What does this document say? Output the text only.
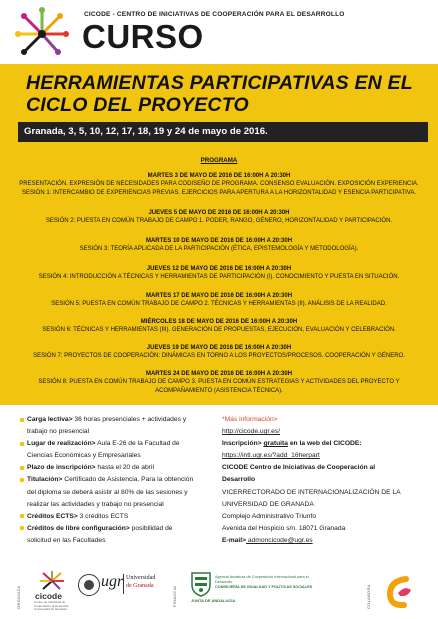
CICODE - CENTRO DE INICIATIVAS DE COOPERACIÓN PARA EL DESARROLLO
CURSO
HERRAMIENTAS PARTICIPATIVAS EN EL
CICLO DEL PROYECTO
Granada, 3, 5, 10, 12, 17, 18, 19 y 24 de mayo de 2016.
PROGRAMA
MARTES 3 DE MAYO DE 2016 DE 16:00H A 20:30H
PRESENTACIÓN. EXPRESIÓN DE NECESIDADES PARA CODISEÑO DE PROGRAMA. CONSENSO EVALUACIÓN. EXPOSICIÓN EXPERIENCIA.
SESIÓN 1: INTERCAMBIO DE EXPERIENCIAS PREVIAS. EJERCICIOS PARA APERTURA A LA HORIZONTALIDAD Y ESENCIA PARTICIPATIVA.
JUEVES 5 DE MAYO DE 2016 DE 16:00H A 20:30H
SESIÓN 2: PUESTA EN COMÚN TRABAJO DE CAMPO 1. PODER, RANGO, GÉNERO, HORIZONTALIDAD Y PARTICIPACIÓN.
MARTES 10 DE MAYO DE 2016 DE 16:00H A 20:30H
SESIÓN 3: TEORÍA APLICADA DE LA PARTICIPACIÓN (ÉTICA, EPISTEMOLOGÍA Y METODOLOGÍA).
JUEVES 12 DE MAYO DE 2016 DE 16:00H A 20:30H
SESIÓN 4: INTRODUCCIÓN A TÉCNICAS Y HERRAMIENTAS DE PARTICIPACIÓN (I). CONOCIMIENTO Y PUESTA EN SITUACIÓN.
MARTES 17 DE MAYO DE 2016 DE 16:00H A 20:30H
SESIÓN 5: PUESTA EN COMÚN TRABAJO DE CAMPO 2. TÉCNICAS Y HERRAMIENTAS (II). ANÁLISIS DE LA REALIDAD.
MIÉRCOLES 18 DE MAYO DE 2016 DE 16:00H A 20:30H
SESIÓN 6: TÉCNICAS Y HERRAMIENTAS (III). GENERACIÓN DE PROPUESTAS, EJECUCIÓN, EVALUACIÓN Y CELEBRACIÓN.
JUEVES 19 DE MAYO DE 2016 DE 16:00H A 20:30H
SESIÓN 7: PROYECTOS DE COOPERACIÓN: DINÁMICAS EN TORNO A LOS PROYECTOS/PROCESOS. COOPERACIÓN Y GÉNERO.
MARTES 24 DE MAYO DE 2016 DE 16:00H A 20:30H
SESIÓN 8: PUESTA EN COMÚN TRABAJO DE CAMPO 3. PUESTA EN COMÚN ESTRATEGIAS Y ACTIVIDADES DEL PROYECTO Y
ACOMPAÑAMIENTO (ASISTENCIA TÉCNICA).
Carga lectiva> 36 horas presenciales + actividades y
trabajo no presencial
Lugar de realización> Aula E-26 de la Facultad de
Ciencias Económicas y Empresariales
Plazo de inscripción> hasta el 20 de abril
Titulación> Certificado de Asistencia. Para la obtención
del diploma se deberá asistir al 80% de las sesiones y
realizar las actividades y trabajo no presencial
Créditos ECTS> 3 créditos ECTS
Créditos de libre configuración> posibilidad de
solicitud en las Facultades
*Más información>
http://cicode.ugr.es/
Inscripción> gratuita en la web del CICODE:
https://intl.ugr.es/?add_16herpart
CICODE Centro de Iniciativas de Cooperación al
Desarrollo
VICERRECTORADO DE INTERNACIONALIZACIÓN DE LA
UNIVERSIDAD DE GRANADA
Complejo Administrativo Triunfo
Avenida del Hospicio s/n. 18071 Granada
E-mail> admoncicode@ugr.es
ORGANIZA cicode
Centro de Iniciativas de Cooperación al Desarrollo Universidad de Granada
ugr Universidad
de Granada
FINANCIA	JUNTA DE ANDALUCIA
Agencia Andaluza de Cooperación Internacional para el Desarrollo
CONSEJERÍA DE IGUALDAD Y POLÍTICAS SOCIALES	COLABORA
